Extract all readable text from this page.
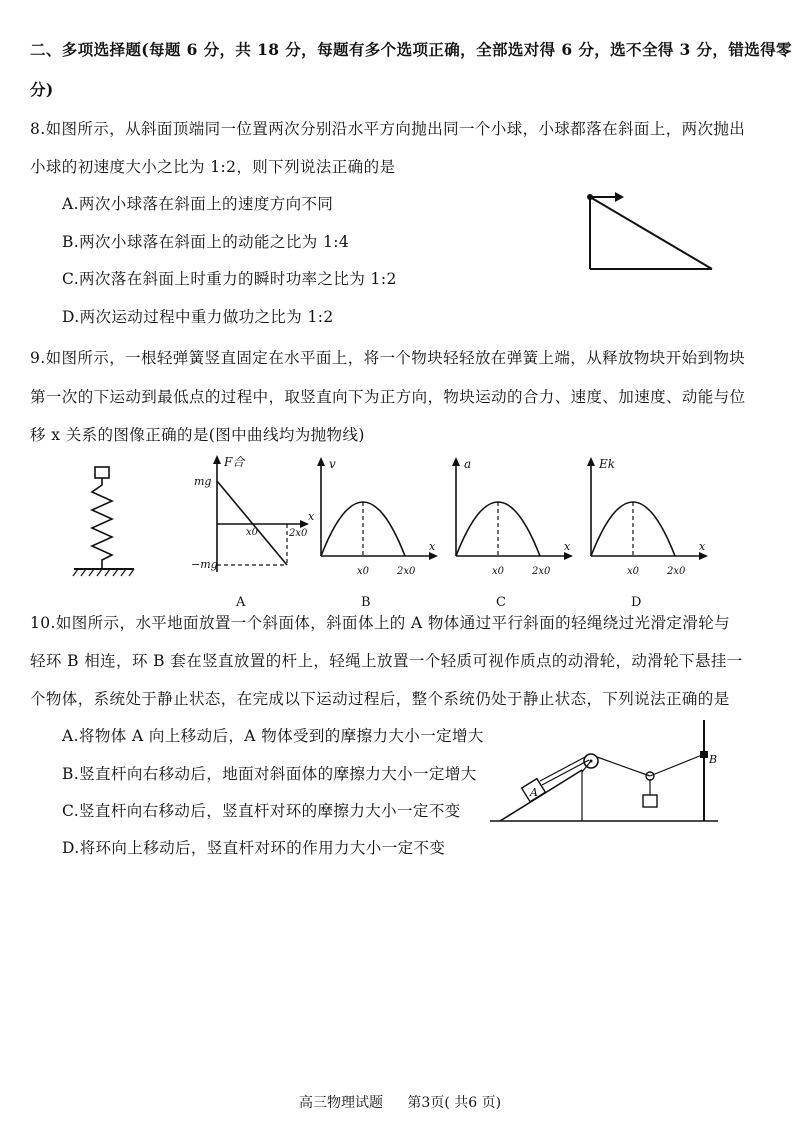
二、多项选择题(每题 6 分，共 18 分，每题有多个选项正确，全部选对得 6 分，选不全得 3 分，错选得零
分)
8.如图所示，从斜面顶端同一位置两次分别沿水平方向抛出同一个小球，小球都落在斜面上，两次抛出
小球的初速度大小之比为 1:2，则下列说法正确的是
A.两次小球落在斜面上的速度方向不同
B.两次小球落在斜面上的动能之比为 1:4
C.两次落在斜面上时重力的瞬时功率之比为 1:2
D.两次运动过程中重力做功之比为 1:2
9.如图所示，一根轻弹簧竖直固定在水平面上，将一个物块轻轻放在弹簧上端，从释放物块开始到物块
第一次的下运动到最低点的过程中，取竖直向下为正方向，物块运动的合力、速度、加速度、动能与位
移 x 关系的图像正确的是(图中曲线均为抛物线)
F合
x
mg
−mg
x0	2x0
A
v
x
x0	2x0
B
a
x
x0	2x0
C
Ek
x
x0	2x0
D
10.如图所示，水平地面放置一个斜面体，斜面体上的 A 物体通过平行斜面的轻绳绕过光滑定滑轮与
轻环 B 相连，环 B 套在竖直放置的杆上，轻绳上放置一个轻质可视作质点的动滑轮，动滑轮下悬挂一
个物体，系统处于静止状态，在完成以下运动过程后，整个系统仍处于静止状态，下列说法正确的是
A.将物体 A 向上移动后，A 物体受到的摩擦力大小一定增大
B.竖直杆向右移动后，地面对斜面体的摩擦力大小一定增大
C.竖直杆向右移动后，竖直杆对环的摩擦力大小一定不变
D.将环向上移动后，竖直杆对环的作用力大小一定不变
A
B
高三物理试题 第3页( 共6 页)
